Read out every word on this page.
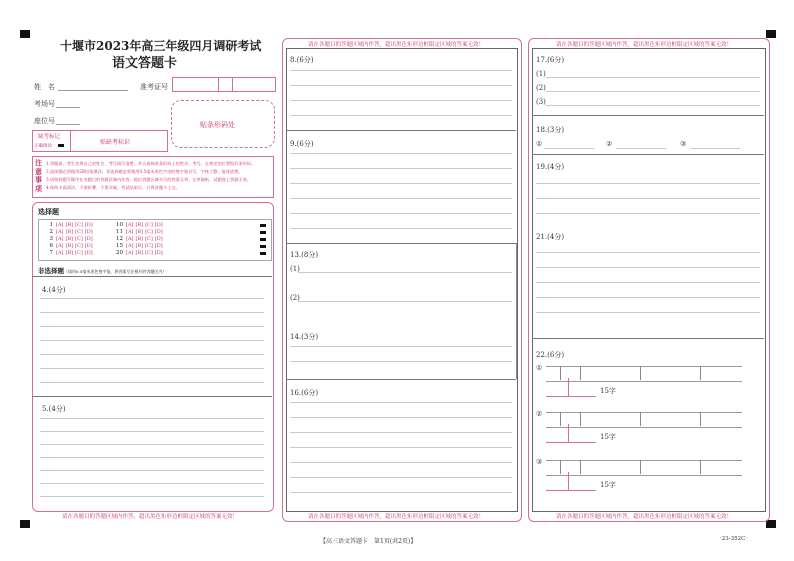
十堰市2023年高三年级四月调研考试
语文答题卡
姓　名	准考证号
考场号
座位号	贴条形码处
缺考标记
正确填涂
贴缺考标识
注
意
事
项
1.答题前，考生先将自己的姓名、考号填写清楚，并认真核准条形码上的姓名、考号，在规定的位置贴好条形码。
2.选择题必须使用2B铅笔填涂；非选择题必须使用0.5毫米黑色字迹的签字笔书写，字体工整、笔迹清楚。
3.请按照题号顺序在各题目的答题区域内作答，超出答题区域书写的答案无效；在草稿纸、试题卷上答题无效。
4.保持卡面清洁，不要折叠、不要弄破，考试结束后，只将答题卡上交。
选择题
1 [A] [B] [C] [D]
2 [A] [B] [C] [D]
3 [A] [B] [C] [D]
6 [A] [B] [C] [D]
7 [A] [B] [C] [D]
10 [A] [B] [C] [D]
11 [A] [B] [C] [D]
12 [A] [B] [C] [D]
15 [A] [B] [C] [D]
20 [A] [B] [C] [D]
非选择题（请用0.5毫米黑色签字笔，将答案写在相应的答题区内）
4.(4分)
5.(4分)
请在各题目的答题区域内作答，超出黑色矩形边框限定区域的答案无效！
请在各题目的答题区域内作答，超出黑色矩形边框限定区域的答案无效！
8.(6分)
9.(6分)
13.(8分)
(1)
(2)
14.(3分)
16.(6分)
请在各题目的答题区域内作答，超出黑色矩形边框限定区域的答案无效！
请在各题目的答题区域内作答，超出黑色矩形边框限定区域的答案无效！
17.(6分)
(1)
(2)
(3)
18.(3分)
①	②	③
19.(4分)
21.(4分)
22.(6分)
请在各题目的答题区域内作答，超出黑色矩形边框限定区域的答案无效！
【高三语文答题卡　第1页(共2页)】	·23-352C·
①
15字
②
15字
③
15字
